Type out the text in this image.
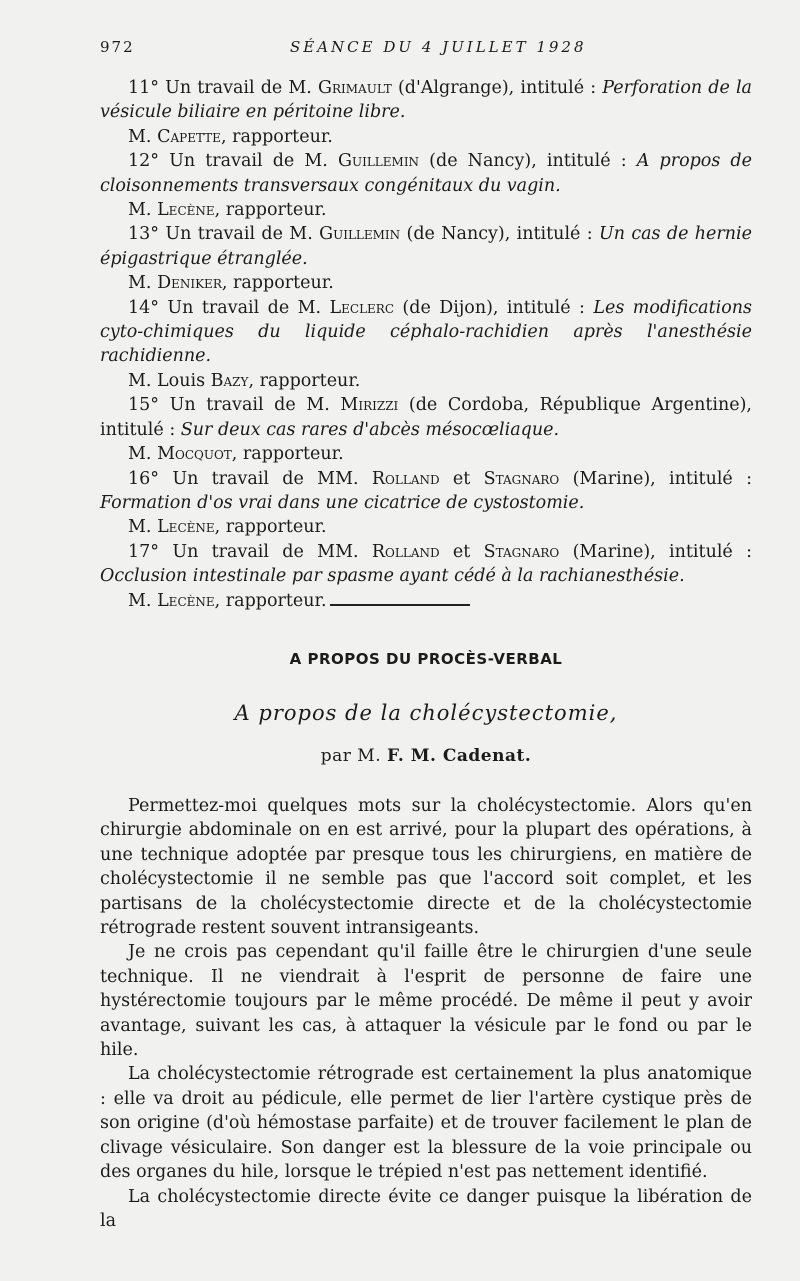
972	SÉANCE DU 4 JUILLET 1928

11° Un travail de M. Grimault (d'Algrange), intitulé : Perforation de la vésicule biliaire en péritoine libre.

M. Capette, rapporteur.

12° Un travail de M. Guillemin (de Nancy), intitulé : A propos de cloisonnements transversaux congénitaux du vagin.

M. Lecène, rapporteur.

13° Un travail de M. Guillemin (de Nancy), intitulé : Un cas de hernie épigastrique étranglée.

M. Deniker, rapporteur.

14° Un travail de M. Leclerc (de Dijon), intitulé : Les modifications cyto-chimiques du liquide céphalo-rachidien après l'anesthésie rachidienne.

M. Louis Bazy, rapporteur.

15° Un travail de M. Mirizzi (de Cordoba, République Argentine), intitulé : Sur deux cas rares d'abcès mésocœliaque.

M. Mocquot, rapporteur.

16° Un travail de MM. Rolland et Stagnaro (Marine), intitulé : Formation d'os vrai dans une cicatrice de cystostomie.

M. Lecène, rapporteur.

17° Un travail de MM. Rolland et Stagnaro (Marine), intitulé : Occlusion intestinale par spasme ayant cédé à la rachianesthésie.

M. Lecène, rapporteur.

A PROPOS DU PROCÈS-VERBAL
A propos de la cholécystectomie,
par M. F. M. Cadenat.

Permettez-moi quelques mots sur la cholécystectomie. Alors qu'en chirurgie abdominale on en est arrivé, pour la plupart des opérations, à une technique adoptée par presque tous les chirurgiens, en matière de cholécystectomie il ne semble pas que l'accord soit complet, et les partisans de la cholécystectomie directe et de la cholécystectomie rétrograde restent souvent intransigeants.

Je ne crois pas cependant qu'il faille être le chirurgien d'une seule technique. Il ne viendrait à l'esprit de personne de faire une hystérectomie toujours par le même procédé. De même il peut y avoir avantage, suivant les cas, à attaquer la vésicule par le fond ou par le hile.

La cholécystectomie rétrograde est certainement la plus anatomique : elle va droit au pédicule, elle permet de lier l'artère cystique près de son origine (d'où hémostase parfaite) et de trouver facilement le plan de clivage vésiculaire. Son danger est la blessure de la voie principale ou des organes du hile, lorsque le trépied n'est pas nettement identifié.

La cholécystectomie directe évite ce danger puisque la libération de la
